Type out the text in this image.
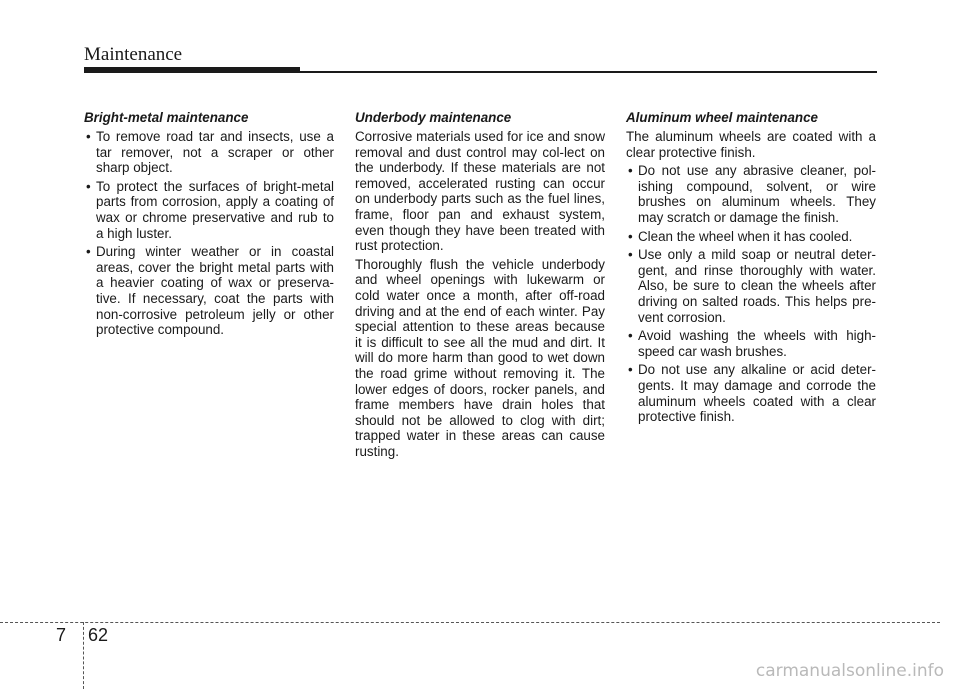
Maintenance
Bright-metal maintenance
• To remove road tar and insects, use a tar remover, not a scraper or other sharp object.
• To protect the surfaces of bright-metal parts from corrosion, apply a coating of wax or chrome preservative and rub to a high luster.
• During winter weather or in coastal areas, cover the bright metal parts with a heavier coating of wax or preserva-tive. If necessary, coat the parts with non-corrosive petroleum jelly or other protective compound.
Underbody maintenance

Corrosive materials used for ice and snow removal and dust control may col-lect on the underbody. If these materials are not removed, accelerated rusting can occur on underbody parts such as the fuel lines, frame, floor pan and exhaust system, even though they have been treated with rust protection.

Thoroughly flush the vehicle underbody and wheel openings with lukewarm or cold water once a month, after off-road driving and at the end of each winter. Pay special attention to these areas because it is difficult to see all the mud and dirt. It will do more harm than good to wet down the road grime without removing it. The lower edges of doors, rocker panels, and frame members have drain holes that should not be allowed to clog with dirt; trapped water in these areas can cause rusting.

Aluminum wheel maintenance

The aluminum wheels are coated with a clear protective finish.

• Do not use any abrasive cleaner, pol-ishing compound, solvent, or wire brushes on aluminum wheels. They may scratch or damage the finish.
• Clean the wheel when it has cooled.
• Use only a mild soap or neutral deter-gent, and rinse thoroughly with water. Also, be sure to clean the wheels after driving on salted roads. This helps pre-vent corrosion.
• Avoid washing the wheels with high-speed car wash brushes.
• Do not use any alkaline or acid deter-gents. It may damage and corrode the aluminum wheels coated with a clear protective finish.
7 62
carmanualsonline.info
